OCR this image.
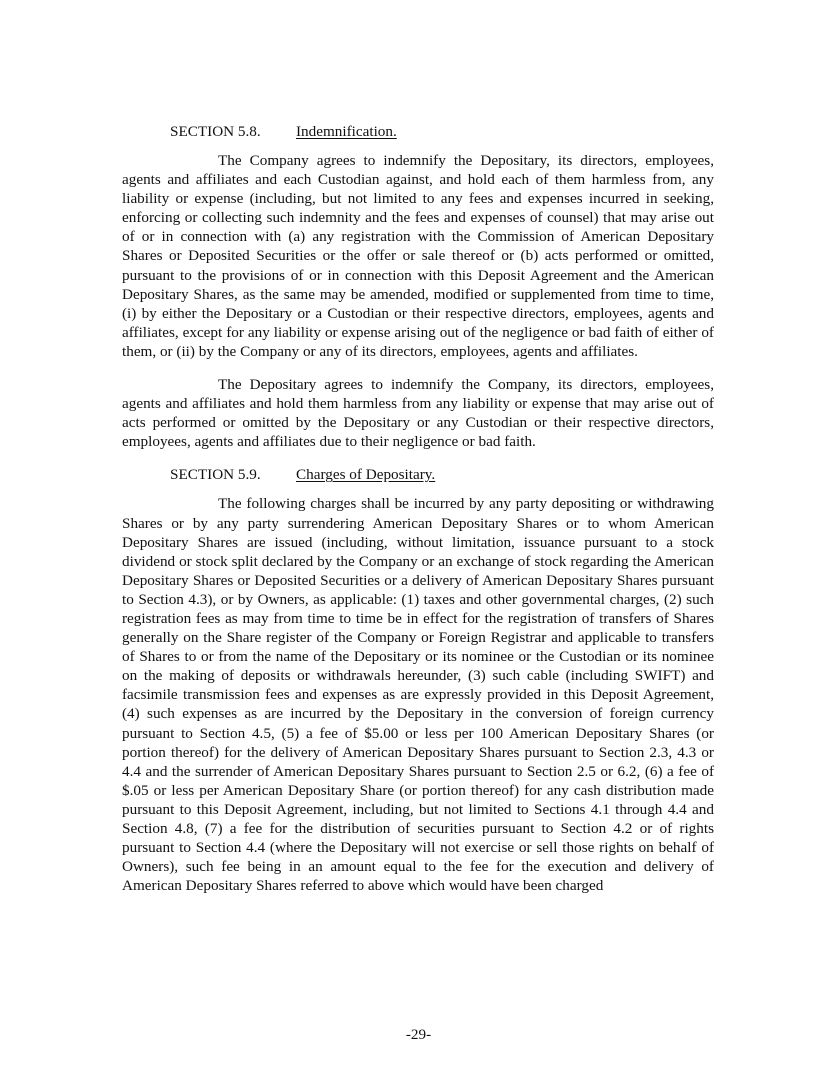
SECTION 5.8. Indemnification.

The Company agrees to indemnify the Depositary, its directors, employees, agents and affiliates and each Custodian against, and hold each of them harmless from, any liability or expense (including, but not limited to any fees and expenses incurred in seeking, enforcing or collecting such indemnity and the fees and expenses of counsel) that may arise out of or in connection with (a) any registration with the Commission of American Depositary Shares or Deposited Securities or the offer or sale thereof or (b) acts performed or omitted, pursuant to the provisions of or in connection with this Deposit Agreement and the American Depositary Shares, as the same may be amended, modified or supplemented from time to time, (i) by either the Depositary or a Custodian or their respective directors, employees, agents and affiliates, except for any liability or expense arising out of the negligence or bad faith of either of them, or (ii) by the Company or any of its directors, employees, agents and affiliates.

The Depositary agrees to indemnify the Company, its directors, employees, agents and affiliates and hold them harmless from any liability or expense that may arise out of acts performed or omitted by the Depositary or any Custodian or their respective directors, employees, agents and affiliates due to their negligence or bad faith.

SECTION 5.9. Charges of Depositary.

The following charges shall be incurred by any party depositing or withdrawing Shares or by any party surrendering American Depositary Shares or to whom American Depositary Shares are issued (including, without limitation, issuance pursuant to a stock dividend or stock split declared by the Company or an exchange of stock regarding the American Depositary Shares or Deposited Securities or a delivery of American Depositary Shares pursuant to Section 4.3), or by Owners, as applicable: (1) taxes and other governmental charges, (2) such registration fees as may from time to time be in effect for the registration of transfers of Shares generally on the Share register of the Company or Foreign Registrar and applicable to transfers of Shares to or from the name of the Depositary or its nominee or the Custodian or its nominee on the making of deposits or withdrawals hereunder, (3) such cable (including SWIFT) and facsimile transmission fees and expenses as are expressly provided in this Deposit Agreement, (4) such expenses as are incurred by the Depositary in the conversion of foreign currency pursuant to Section 4.5, (5) a fee of $5.00 or less per 100 American Depositary Shares (or portion thereof) for the delivery of American Depositary Shares pursuant to Section 2.3, 4.3 or 4.4 and the surrender of American Depositary Shares pursuant to Section 2.5 or 6.2, (6) a fee of $.05 or less per American Depositary Share (or portion thereof) for any cash distribution made pursuant to this Deposit Agreement, including, but not limited to Sections 4.1 through 4.4 and Section 4.8, (7) a fee for the distribution of securities pursuant to Section 4.2 or of rights pursuant to Section 4.4 (where the Depositary will not exercise or sell those rights on behalf of Owners), such fee being in an amount equal to the fee for the execution and delivery of American Depositary Shares referred to above which would have been charged

-29-
